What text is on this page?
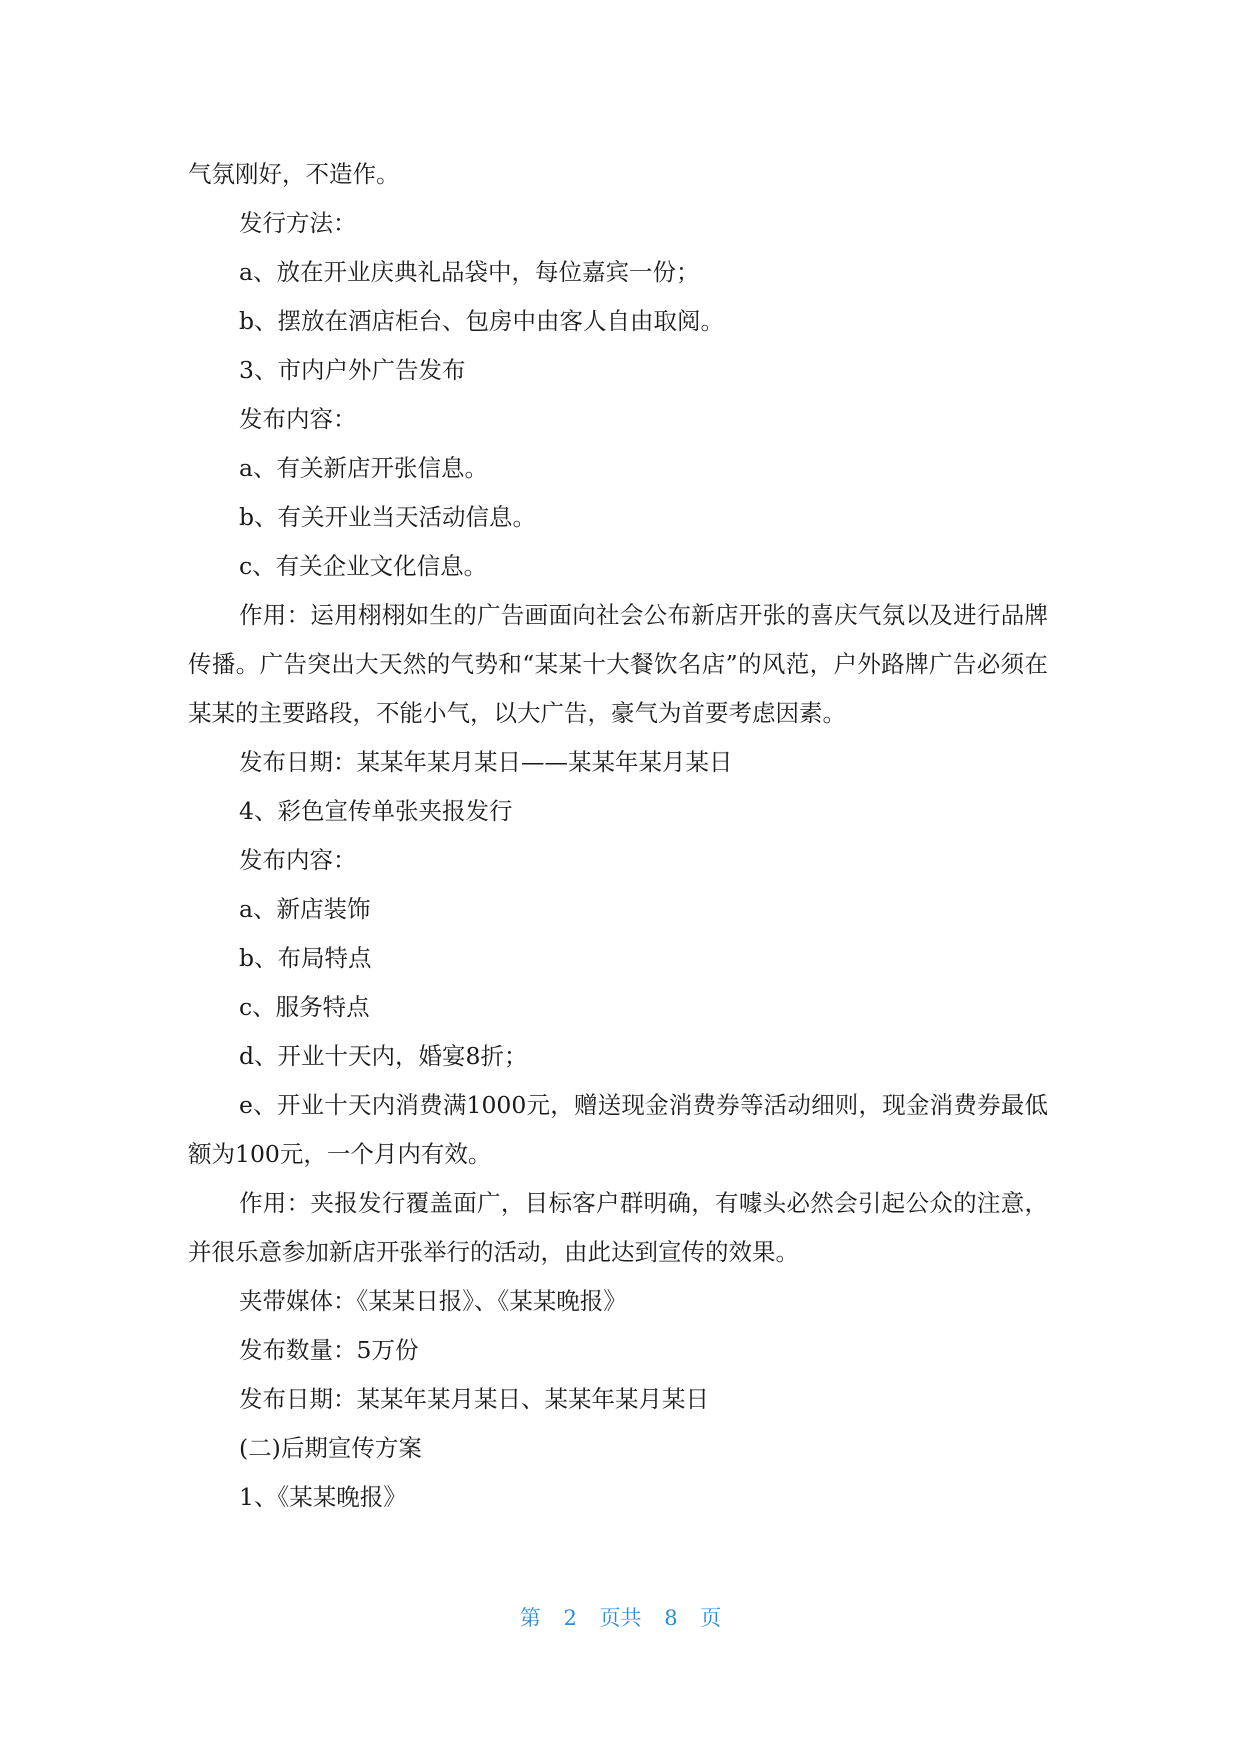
气氛刚好，不造作。

发行方法：

a、放在开业庆典礼品袋中，每位嘉宾一份；

b、摆放在酒店柜台、包房中由客人自由取阅。

3、市内户外广告发布

发布内容：

a、有关新店开张信息。

b、有关开业当天活动信息。

c、有关企业文化信息。

作用：运用栩栩如生的广告画面向社会公布新店开张的喜庆气氛以及进行品牌传播。广告突出大天然的气势和“某某十大餐饮名店”的风范，户外路牌广告必须在某某的主要路段，不能小气，以大广告，豪气为首要考虑因素。

发布日期：某某年某月某日——某某年某月某日

4、彩色宣传单张夹报发行

发布内容：

a、新店装饰

b、布局特点

c、服务特点

d、开业十天内，婚宴8折；

e、开业十天内消费满1000元，赠送现金消费券等活动细则，现金消费券最低额为100元，一个月内有效。

作用：夹报发行覆盖面广，目标客户群明确，有噱头必然会引起公众的注意，并很乐意参加新店开张举行的活动，由此达到宣传的效果。

夹带媒体：《某某日报》、《某某晚报》

发布数量：5万份

发布日期：某某年某月某日、某某年某月某日

(二)后期宣传方案

1、《某某晚报》

第 2 页共 8 页
